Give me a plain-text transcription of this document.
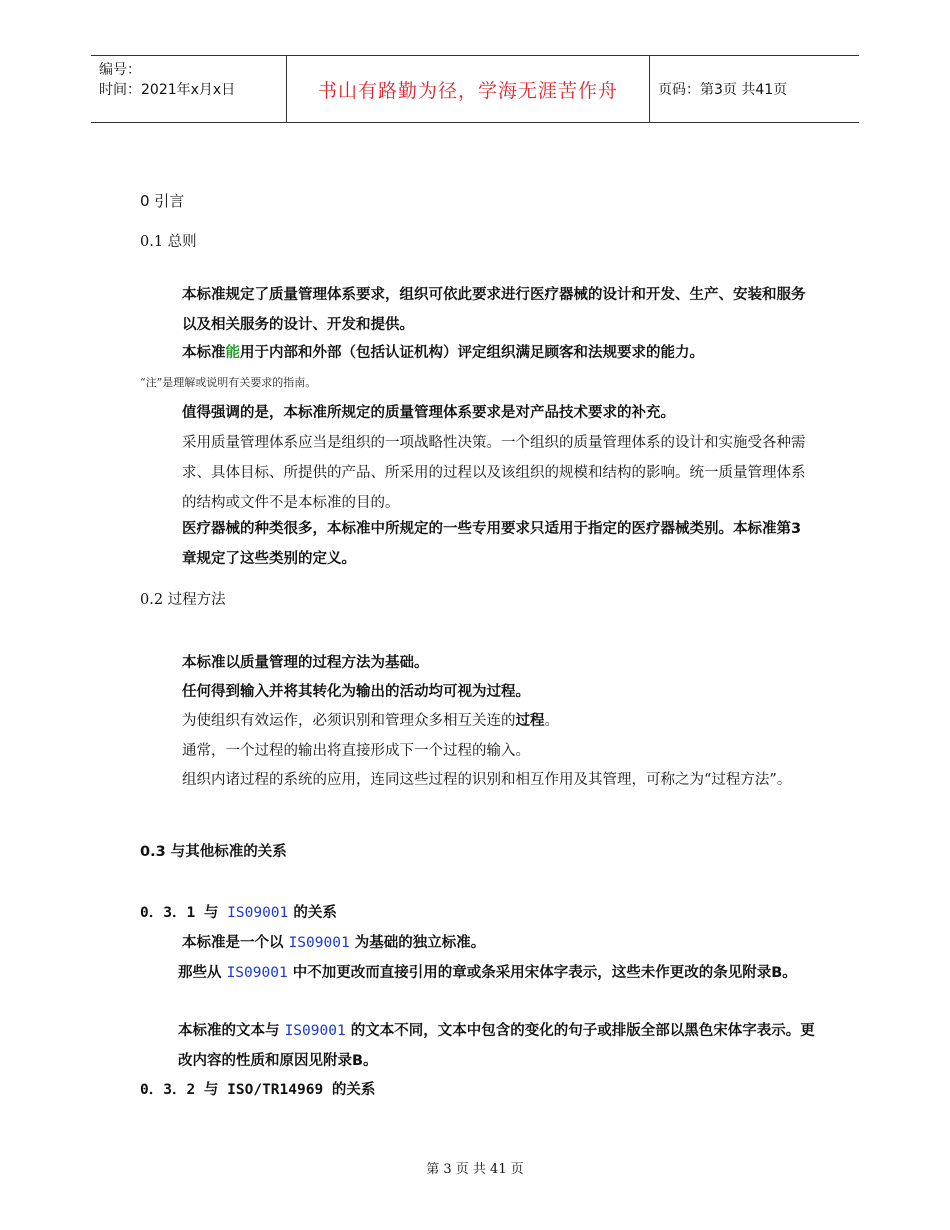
编号：
时间：2021年x月x日	书山有路勤为径，学海无涯苦作舟	页码：第3页 共41页
0 引言
0.1 总则
本标准规定了质量管理体系要求，组织可依此要求进行医疗器械的设计和开发、生产、安装和服务以及相关服务的设计、开发和提供。
本标准能用于内部和外部（包括认证机构）评定组织满足顾客和法规要求的能力。
“注”是理解或说明有关要求的指南。
值得强调的是，本标准所规定的质量管理体系要求是对产品技术要求的补充。
采用质量管理体系应当是组织的一项战略性决策。一个组织的质量管理体系的设计和实施受各种需求、具体目标、所提供的产品、所采用的过程以及该组织的规模和结构的影响。统一质量管理体系的结构或文件不是本标准的目的。
医疗器械的种类很多，本标准中所规定的一些专用要求只适用于指定的医疗器械类别。本标准第3章规定了这些类别的定义。
0.2 过程方法
本标准以质量管理的过程方法为基础。
任何得到输入并将其转化为输出的活动均可视为过程。
为使组织有效运作，必须识别和管理众多相互关连的过程。
通常，一个过程的输出将直接形成下一个过程的输入。
组织内诸过程的系统的应用，连同这些过程的识别和相互作用及其管理，可称之为“过程方法”。
0.3 与其他标准的关系
0．3．1 与 IS09001 的关系
本标准是一个以 IS09001 为基础的独立标准。
那些从 IS09001 中不加更改而直接引用的章或条采用宋体字表示，这些未作更改的条见附录B。
本标准的文本与 IS09001 的文本不同，文本中包含的变化的句子或排版全部以黑色宋体字表示。更改内容的性质和原因见附录B。
0．3．2 与 ISO/TR14969 的关系
第 3 页 共 41 页
